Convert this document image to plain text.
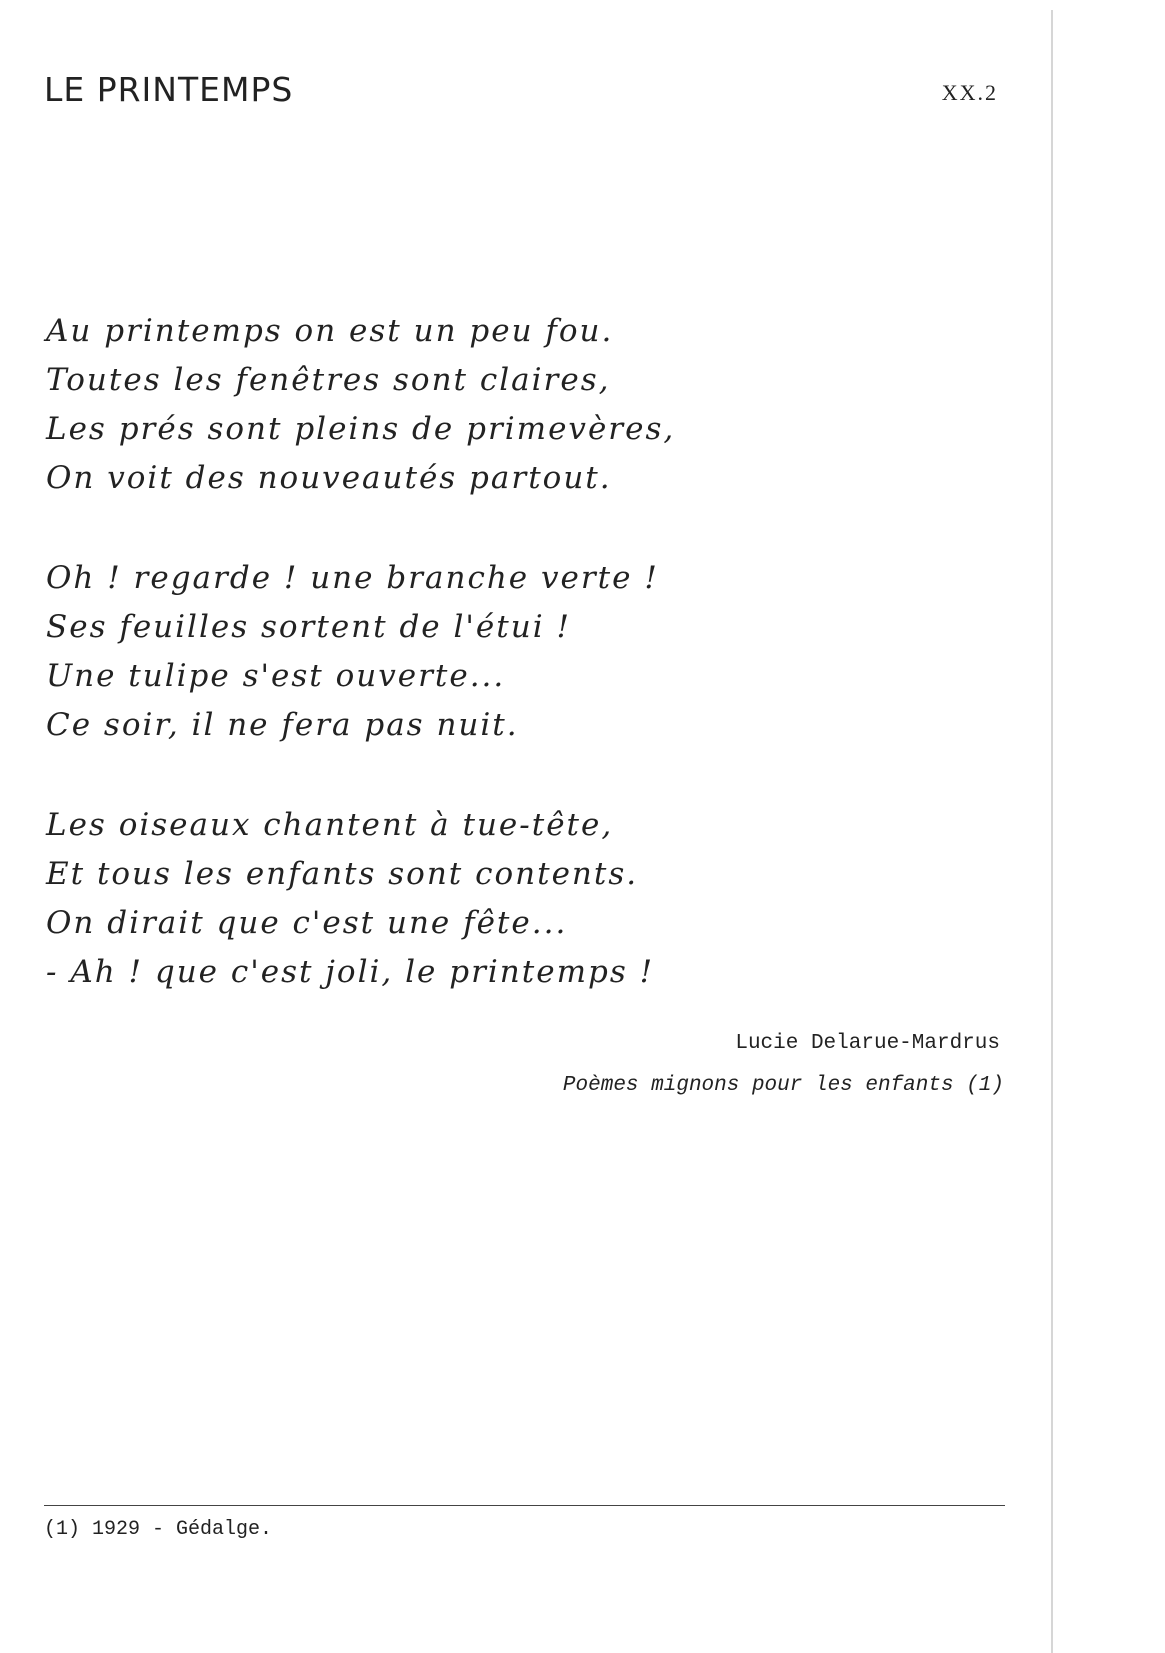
LE PRINTEMPS	XX.2
Au printemps on est un peu fou.
Toutes les fenêtres sont claires,
Les prés sont pleins de primevères,
On voit des nouveautés partout.
Oh ! regarde ! une branche verte !
Ses feuilles sortent de l'étui !
Une tulipe s'est ouverte...
Ce soir, il ne fera pas nuit.
Les oiseaux chantent à tue-tête,
Et tous les enfants sont contents.
On dirait que c'est une fête...
- Ah ! que c'est joli, le printemps !
Lucie Delarue-Mardrus
Poèmes mignons pour les enfants (1)
(1) 1929 - Gédalge.
